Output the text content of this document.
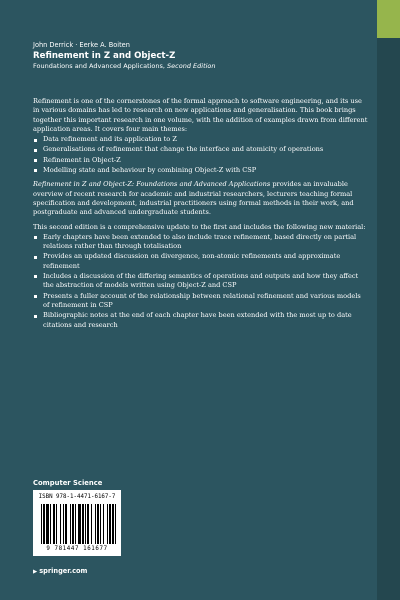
John Derrick · Eerke A. Boiten
Refinement in Z and Object-Z
Foundations and Advanced Applications, Second Edition

Refinement is one of the cornerstones of the formal approach to software engineering, and its use in various domains has led to research on new applications and generalisation. This book brings together this important research in one volume, with the addition of examples drawn from different application areas. It covers four main themes:

Data refinement and its application to Z
Generalisations of refinement that change the interface and atomicity of operations
Refinement in Object-Z
Modelling state and behaviour by combining Object-Z with CSP

Refinement in Z and Object-Z: Foundations and Advanced Applications provides an invaluable overview of recent research for academic and industrial researchers, lecturers teaching formal specification and development, industrial practitioners using formal methods in their work, and postgraduate and advanced undergraduate students.

This second edition is a comprehensive update to the first and includes the following new material:

Early chapters have been extended to also include trace refinement, based directly on partial relations rather than through totalisation
Provides an updated discussion on divergence, non-atomic refinements and approximate refinement
Includes a discussion of the differing semantics of operations and outputs and how they affect the abstraction of models written using Object-Z and CSP
Presents a fuller account of the relationship between relational refinement and various models of refinement in CSP
Bibliographic notes at the end of each chapter have been extended with the most up to date citations and research
Computer Science
ISBN 978-1-4471-6167-7
9 781447 161677
▶ springer.com
